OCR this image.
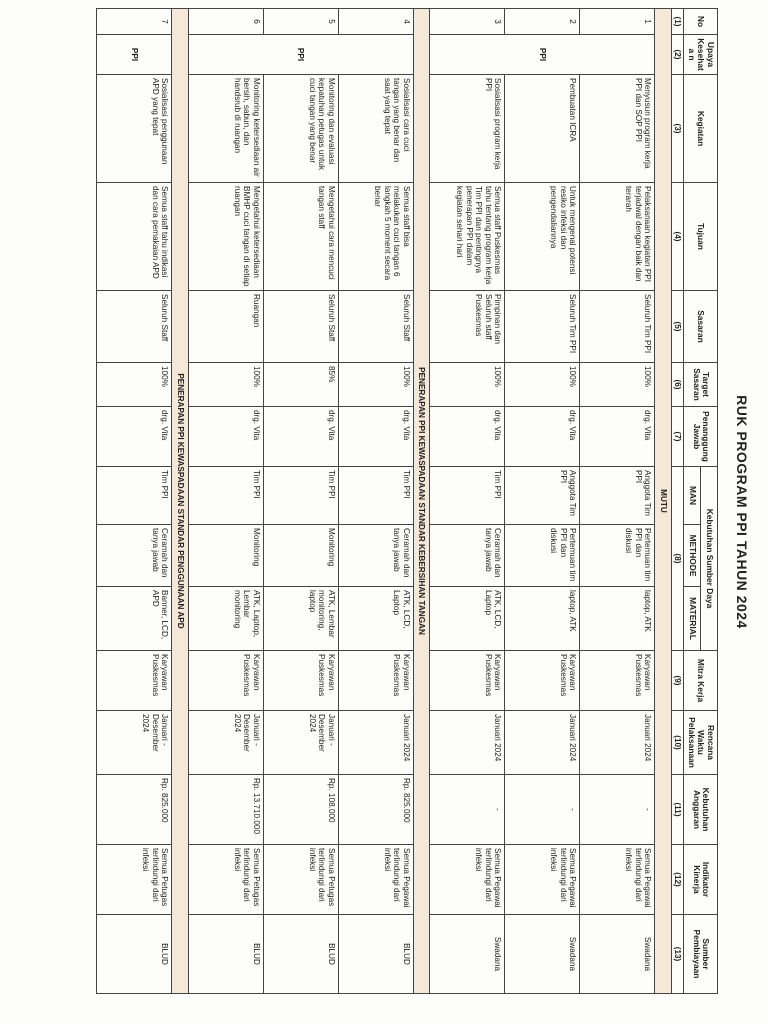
RUK PROGRAM PPI TAHUN 2024
No	Upaya Kesehata n	Kegiatan	Tujuan	Sasaran	Target Sasaran	Penanggung Jawab	Kebutuhan Sumber Daya			Mitra Kerja	Rencana Waktu Pelaksanaan	Kebutuhan Anggaran	Indikator Kinerja	Sumber Pembiayaan
							MAN	METHODE	MATERIAL					
(1)	(2)	(3)	(4)	(5)	(6)	(7)	(8)			(9)	(10)	(11)	(12)	(13)
MUTU														
1	PPI	Menyusun program kerja PPI dan SOP PPI	Pelaksanaan kegiatan PPI terjadwal dengan baik dan terarah	Seluruh Tim PPI	100%	drg. Vita	Anggota Tim PPI	Pertemuan tim PPI dan diskusi	laptop, ATK	Karyawan Puskesmas	Januari 2024	-	Semua Pegawai terlindungi dari infeksi	Swadana
2		Pembuatan ICRA	Untuk mengenal potensi resiko infeksi dan pengendaliannya	Seluruh Tim PPI	100%	drg. Vita	Anggota Tim PPI	Pertemuan tim PPI dan diskusi	laptop, ATK	Karyawan Puskesmas	Januari 2024	-	Semua Pegawai terlindungi dari infeksi	Swadana
3		Sosialisasi program kerja PPI	Semua staff Puskesmas tahu tentang program kerja Tim PPI dan pentingnya penerapan PPI dalam kegiatan sehari hari	Pimpinan dan Seluruh staff Puskesmas	100%	drg. Vita	Tim PPI	Ceramah dan tanya jawab	ATK, LCD, Laptop	Karyawan Puskesmas	Januari 2024	-	Semua Pegawai terlindungi dari infeksi	Swadana
PENERAPAN PPI KEWASPADAAN STANDAR KEBERSIHAN TANGAN														
4	PPI	Sosialisasi cara cuci tangan yang benar dan saat yang tepat	Semua staff bisa melakukan cuci tangan 6 langkah 5 moment secara benar	Seluruh Staff	100%	drg. Vita	Tim PPI	Ceramah dan tanya jawab	ATK, LCD, Laptop	Karyawan Puskesmas	Januari 2024	Rp. 825.000	Semua Pegawai terlindungi dari infeksi	BLUD
5		Monitoring dan evaluasi kepatuhan petugas untuk cuci tangan yang benar	Mengetahui cara mencuci tangan staff	Seluruh Staff	85%	drg. Vita	Tim PPI	Monitoring	ATK, Lembar monitoring, laptop	Karyawan Puskesmas	Januari - Desember 2024	Rp. 108.000	Semua Petugas terlindungi dari infeksi	BLUD
6		Monitoring ketersediaan air bersih, sabun, dan handsrub di ruangan	Mengetahui ketersediaan BMHP cuci tangan di setiap ruangan	Ruangan	100%	drg. Vita	Tim PPI	Monitoring	ATK, Laptop, Lembar monitoring	Karyawan Puskesmas	Januari - Desember 2024	Rp. 13.710.000	Semua Petugas terlindungi dari infeksi	BLUD
PENERAPAN PPI KEWASPADAAN STANDAR PENGGUNAAN APD														
7	PPI	Sosialisasi penggunaan APD yang tepat	Semua staff tahu indikasi dan cara pemakaian APD	Seluruh Staff	100%	drg. Vita	Tim PPI	Ceramah dan tanya jawab	Banner, LCD, APD	Karyawan Puskesmas	Januari - Desember 2024	Rp. 825.000	Semua Petugas terlindungi dari infeksi	BLUD
